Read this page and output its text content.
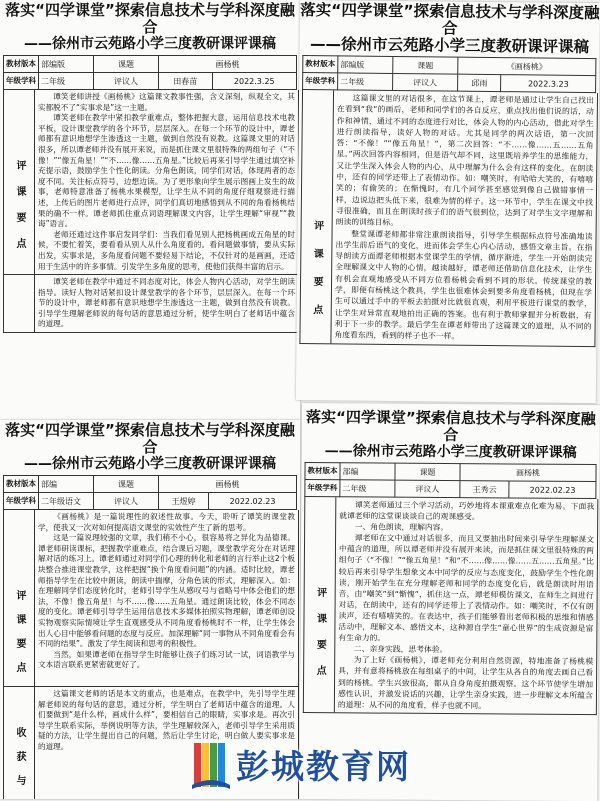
落实“四学课堂”探索信息技术与学科深度融合
——徐州市云苑路小学三度教研课评课稿
教材版本	部编版	课题	画杨桃	
年级学科	二年级	评议人	田春苗	2022.3.25
评课要点

谭笑老师讲授《画杨桃》这篇课文教事性强，含义深刻，纵观全文，其实都脱不了“实事求是”这一主题。

谭笑老师在教学中紧扣教学重难点，整体把握大意，运用信息技术电教平板，设计课堂教学的各个环节，层层深入。在每一个环节的设计中，谭老师都有意识地想学生渗透这一主题，做到自然没有说教。这篇课文里的对话很多，所以谭老师并没有展开来说，而是抓住课文里很特殊的两组句子（“不像！”“像五角星！”“不……像……五角星。”比较后再来引导学生通过填空补充提示语，鼓励学生个性化朗读。分角色朗读，同学们对话，体现两者的态度不同。关注标点符号，边想边读。为了更形象向学生展示图画上发生的故事，老师特意准备了杨桃水果模型，让学生从不同的角度仔细观察进行描述，上传后的图片老师进行点评，同学们真切地感悟到从不同的角看杨桃结果的确不一样。谭老师抓住重点词语理解课文内容，让学生理解“审视”“教诲”语言。

老师还通过这件事启发同学们：当我们看见别人把杨桃画成五角星的时候，不要忙着笑，要看看从别人从什么角度看的。看问题做事情，要从实际出发，实事求是，多角度看问题不要轻易下结论，不仅针对的是画画，还适用于生活中的许多事情。引发学生多角度的思考，使他们获得丰富的启示。

谭笑老师在教学中通过不同态度对比，体会人物内心活动，对学生朗读指导。读好人物对话紧扣设计课堂教学的各个环节，层层深入。在每一个环节的设计中，谭老师都有意识地想学生渗透这一主题，做到自然没有说教。引导学生理解老师说的每句话的意思通过分析，使学生明白了老师话中蕴含的道理。

落实“四学课堂”探索信息技术与学科深度融合
——徐州市云苑路小学三度教研课评课稿
教材版本	部编版	课题	《画杨桃》	
年级学科	二年级	评议人	邱雨	2022.3.23
评课要点

这篇课文里的对话很多，在这节课上，谭老师是通过让学生自己找出在看到“我”的画后，老师和同学们的各自反应，重点找出他们说的话，动作和神情，通过不同的态度进行对比，体会人物的内心活动，借此对学生进行朗读指导，读好人物的对话。尤其是同学的两次话语，第一次回答：“不像！”“像五角星！”，第二次回答：“不……像……五……五角星。”两次回答内容相同，但是语气却不同，这里既培养学生的思维能力，又让学生深入体会人物的内心，从中理解为什么会有这样的变化。在朗读中，还有的同学还带上了表情动作。如：嘲笑时，有哈哈大笑的，有嘻嘻笑的；有偷笑的；在惭愧时，有几个同学甚至感觉到像自己做错事情一样，边说边把头低下来，很难为情的样子。这一环节中，学生在课文中找寻很准确，而且在朗读时孩子们的语气很到位，达到了对学生文字理解和朗读的训练目标。

整堂课谭老师都非常注重朗读指导，引导学生根据标点符号准确地读出学生前后语气的变化，进而体会学生心内心活动，感悟文章主旨。在指导朗读方面谭老师根据本堂课学生的学情，循序渐进，学生一开始朗读完全理解课文中人物的心情，越读越好，谭老师还借助信息化技术，让学生有机会直观地感受从不同方位看杨桃会看到不同的形状。传统课堂的教学，即便有杨桃这个教具，学生也很难体会到要多角度看杨桃，但现在学生可以通过手中的平板去拍摄对比就很直观，利用平板进行课堂的教学，让学生对异常直观地拍出正确的答案。也有利于教师掌握并分析数据，有利于下一步的教学。最后学生在谭老师带出了这篇课文的道理，从不同的角度看东西，看到的样子也不一样。

落实“四学课堂”探索信息技术与学科深度融合
——徐州市云苑路小学三度教研课评课稿
教材版本	部编	课题	画杨桃	
年级学科	二年级语文	评议人	王煜婷	2022.02.23
评课要点

《画杨桃》是一篇说理性的叙述性故事。今天，聆听了谭笑的课堂教学，使我又一次对如何提高语文课堂的实效性产生了新的思考。

这是一篇说理较强的文章，我们稍不小心，很容易将之异化为品德课。谭老师研读课标，把握教学重难点，结合课后习题，课堂教学充分在对话理解对话的练习上。谭老师通过对同学们心理的转化和老师的言行举止这2个板块整合推进课堂教学，这样把握“换个角度看问题”的内涵。适时比较，谭老师指导学生在比较中朗读，朗读中揣摩，分角色读的形式，理解深入。如：在理解同学们态度转化时，老师引导学生从感叹号与省略号中体会他们的想法，不像！像五角星！与不……像……五角星。通过朗读比较，体会不同态度的变化。谭老师引导学生运用信息技术多媒体拍照实物理解，谭老师创设实物观察实际情境让学生直观感受从不同角度看杨桃时不一样，让学生体会出人心目中能够看问题的态度与反应。加深理解“同一事物从不同角度看会有不同的结果”。激发了学生阅读和思考的积极性。

当然，如果谭老师在指导学生时能够让孩子们练习试一试，词语教学与文本语言联系更紧密就更好了。

收获与

这篇课文老师的话是本文的重点，也是难点，在教学中，先引导学生理解老师说的每句话的意思，通过分析，学生明白了老师话中蕴含的道理。人们要做到“是什么样，画成什么样”，要相信自己的眼睛，实事求是。再次引导学生联系实际，举例说明等方法，学生理解较深入，老师引导学生采用质疑的方法，让学生提出自己的问题，然后让学生讨论，明白做人要实事求是的道理。

落实“四学课堂”探索信息技术与学科深度融合
——徐州市云苑路小学三度教研课评课稿
教材版本	部编	课题	画杨桃	
年级学科	二年级	评议人	王秀云	2022.02.23
评课要点

谭笑老师通过三个学习活动，巧妙地将本课重难点化难为易。下面我就谭老师的这堂课谈谈自己的观课感受。

一、角色朗读，理解内容。

谭老师在文中通过对话很多，而且又要抽出时间来引导学生理解课文中蕴含的道理，所以谭老师并没有展开来读，而是抓住课文里很特殊的两组句子（“不像！”“像五角星！”和“不……像……像……五……五角星。”比较后再来引导学生想象文本中同学的反应与态度变化，鼓励学生个性化朗读，刚开始学生在充分理解老师和同学的态度变化后，就是朗读时用语音，由“嘲笑”到“惭愧”，抓住这一点，谭老师模仿课文，在师生之间进行对话，在朗读中，还有的同学还带上了表情动作。如：嘲笑时，不仅有朗读声，还有嘻嘻笑的。在表达中，孩子们能够看出老师积极的思维和情感活动中，理解文本、感悟文本，这种源自学生“童心世界”的生成资源是富有生命力的。

二、亲身实践，思考体验。

为了上好《画杨桃》，谭老师充分利用自然资源，特地准备了杨桃模具，并有意将杨桃放在每组桌子的中间，让学生从各自的角度去画自己看到的杨桃。学生兴致很高，都从自身角度拍摄观察。这个环节使学生增加感性认识，并激发说话的兴趣，让学生亲身实践，进一步理解文本所蕴含的道理：从不同的角度看，样子也就不同。

彭城教育网
